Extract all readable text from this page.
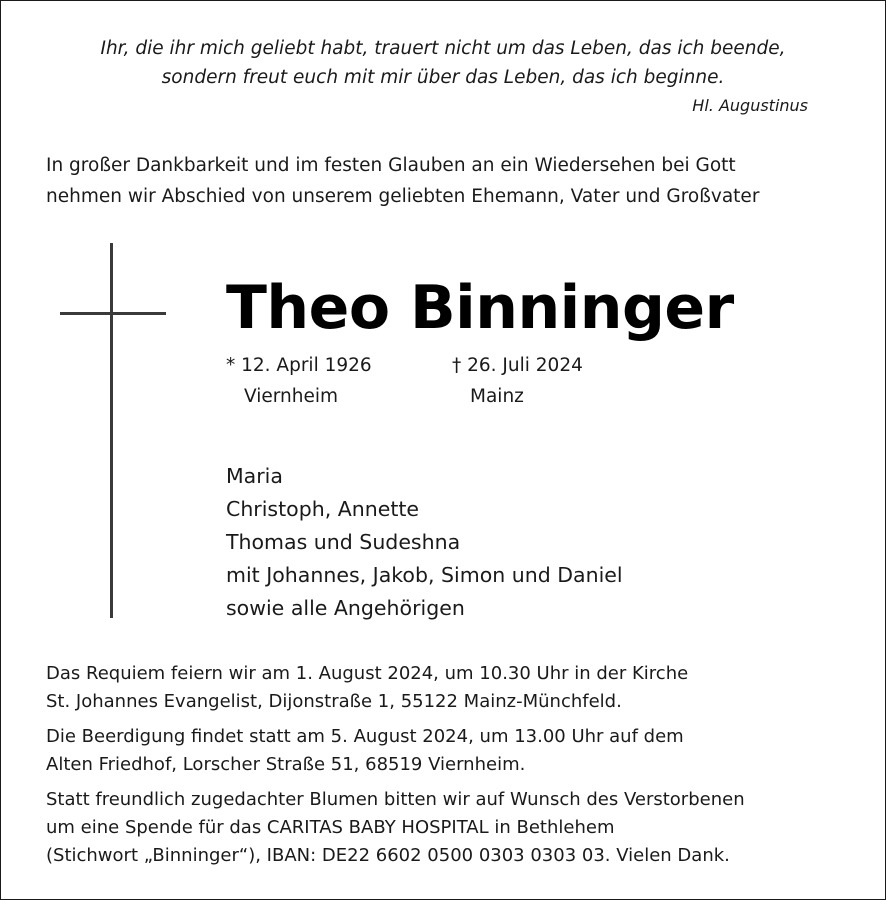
Ihr, die ihr mich geliebt habt, trauert nicht um das Leben, das ich beende,
sondern freut euch mit mir über das Leben, das ich beginne.
Hl. Augustinus
In großer Dankbarkeit und im festen Glauben an ein Wiedersehen bei Gott
nehmen wir Abschied von unserem geliebten Ehemann, Vater und Großvater
Theo Binninger
* 12. April 1926
Viernheim
† 26. Juli 2024
Mainz
Maria
Christoph, Annette
Thomas und Sudeshna
mit Johannes, Jakob, Simon und Daniel
sowie alle Angehörigen

Das Requiem feiern wir am 1. August 2024, um 10.30 Uhr in der Kirche
St. Johannes Evangelist, Dijonstraße 1, 55122 Mainz-Münchfeld.

Die Beerdigung findet statt am 5. August 2024, um 13.00 Uhr auf dem
Alten Friedhof, Lorscher Straße 51, 68519 Viernheim.

Statt freundlich zugedachter Blumen bitten wir auf Wunsch des Verstorbenen
um eine Spende für das CARITAS BABY HOSPITAL in Bethlehem
(Stichwort „Binninger“), IBAN: DE22 6602 0500 0303 0303 03. Vielen Dank.
